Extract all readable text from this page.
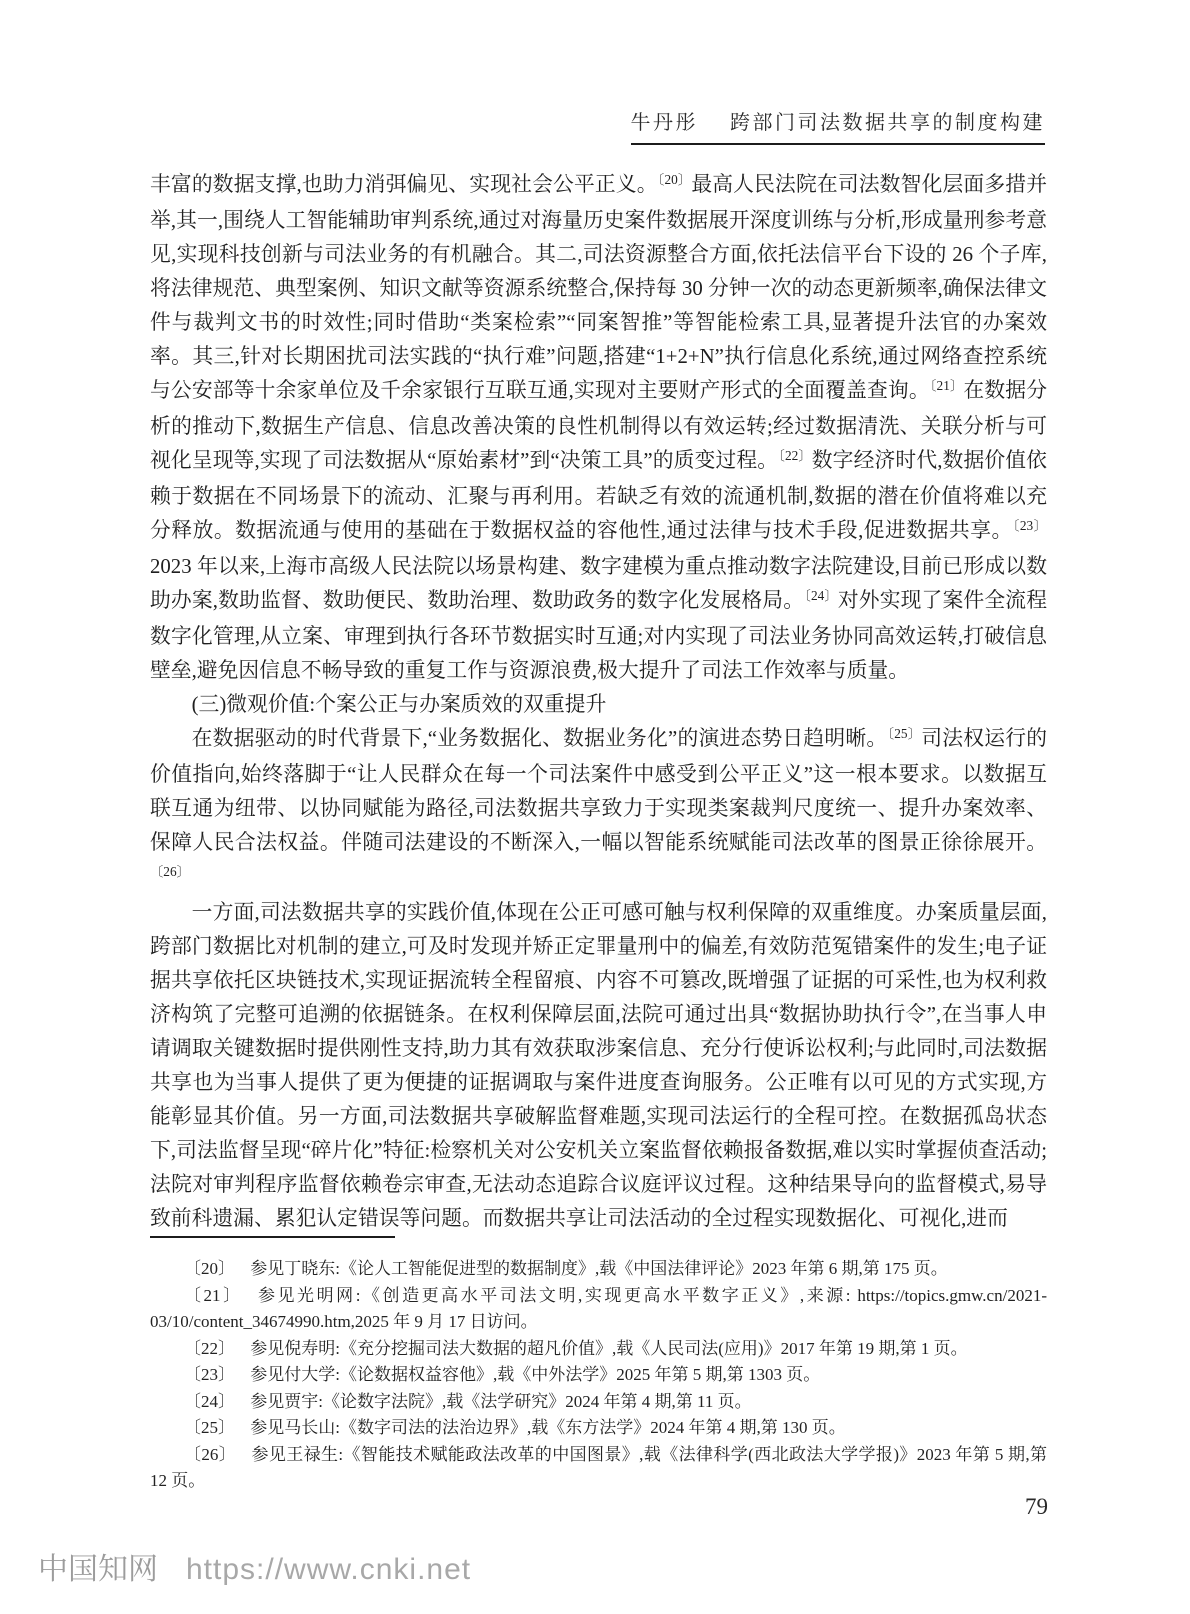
牛丹彤 跨部门司法数据共享的制度构建

丰富的数据支撑,也助力消弭偏见、实现社会公平正义。$^{〔20〕}$最高人民法院在司法数智化层面多措并举,其一,围绕人工智能辅助审判系统,通过对海量历史案件数据展开深度训练与分析,形成量刑参考意见,实现科技创新与司法业务的有机融合。其二,司法资源整合方面,依托法信平台下设的 26 个子库,将法律规范、典型案例、知识文献等资源系统整合,保持每 30 分钟一次的动态更新频率,确保法律文件与裁判文书的时效性;同时借助“类案检索”“同案智推”等智能检索工具,显著提升法官的办案效率。其三,针对长期困扰司法实践的“执行难”问题,搭建“1+2+N”执行信息化系统,通过网络查控系统与公安部等十余家单位及千余家银行互联互通,实现对主要财产形式的全面覆盖查询。$^{〔21〕}$在数据分析的推动下,数据生产信息、信息改善决策的良性机制得以有效运转;经过数据清洗、关联分析与可视化呈现等,实现了司法数据从“原始素材”到“决策工具”的质变过程。$^{〔22〕}$数字经济时代,数据价值依赖于数据在不同场景下的流动、汇聚与再利用。若缺乏有效的流通机制,数据的潜在价值将难以充分释放。数据流通与使用的基础在于数据权益的容他性,通过法律与技术手段,促进数据共享。$^{〔23〕}$2023 年以来,上海市高级人民法院以场景构建、数字建模为重点推动数字法院建设,目前已形成以数助办案,数助监督、数助便民、数助治理、数助政务的数字化发展格局。$^{〔24〕}$对外实现了案件全流程数字化管理,从立案、审理到执行各环节数据实时互通;对内实现了司法业务协同高效运转,打破信息壁垒,避免因信息不畅导致的重复工作与资源浪费,极大提升了司法工作效率与质量。

(三)微观价值:个案公正与办案质效的双重提升

在数据驱动的时代背景下,“业务数据化、数据业务化”的演进态势日趋明晰。$^{〔25〕}$司法权运行的价值指向,始终落脚于“让人民群众在每一个司法案件中感受到公平正义”这一根本要求。以数据互联互通为纽带、以协同赋能为路径,司法数据共享致力于实现类案裁判尺度统一、提升办案效率、保障人民合法权益。伴随司法建设的不断深入,一幅以智能系统赋能司法改革的图景正徐徐展开。$^{〔26〕}$

一方面,司法数据共享的实践价值,体现在公正可感可触与权利保障的双重维度。办案质量层面,跨部门数据比对机制的建立,可及时发现并矫正定罪量刑中的偏差,有效防范冤错案件的发生;电子证据共享依托区块链技术,实现证据流转全程留痕、内容不可篡改,既增强了证据的可采性,也为权利救济构筑了完整可追溯的依据链条。在权利保障层面,法院可通过出具“数据协助执行令”,在当事人申请调取关键数据时提供刚性支持,助力其有效获取涉案信息、充分行使诉讼权利;与此同时,司法数据共享也为当事人提供了更为便捷的证据调取与案件进度查询服务。公正唯有以可见的方式实现,方能彰显其价值。另一方面,司法数据共享破解监督难题,实现司法运行的全程可控。在数据孤岛状态下,司法监督呈现“碎片化”特征:检察机关对公安机关立案监督依赖报备数据,难以实时掌握侦查活动;法院对审判程序监督依赖卷宗审查,无法动态追踪合议庭评议过程。这种结果导向的监督模式,易导致前科遗漏、累犯认定错误等问题。而数据共享让司法活动的全过程实现数据化、可视化,进而

〔20〕 参见丁晓东:《论人工智能促进型的数据制度》,载《中国法律评论》2023 年第 6 期,第 175 页。

〔21〕 参见光明网:《创造更高水平司法文明,实现更高水平数字正义》,来源: https://topics.gmw.cn/2021-03/10/content_34674990.htm,2025 年 9 月 17 日访问。

〔22〕 参见倪寿明:《充分挖掘司法大数据的超凡价值》,载《人民司法(应用)》2017 年第 19 期,第 1 页。

〔23〕 参见付大学:《论数据权益容他》,载《中外法学》2025 年第 5 期,第 1303 页。

〔24〕 参见贾宇:《论数字法院》,载《法学研究》2024 年第 4 期,第 11 页。

〔25〕 参见马长山:《数字司法的法治边界》,载《东方法学》2024 年第 4 期,第 130 页。

〔26〕 参见王禄生:《智能技术赋能政法改革的中国图景》,载《法律科学(西北政法大学学报)》2023 年第 5 期,第 12 页。

79
中国知网 https://www.cnki.net
